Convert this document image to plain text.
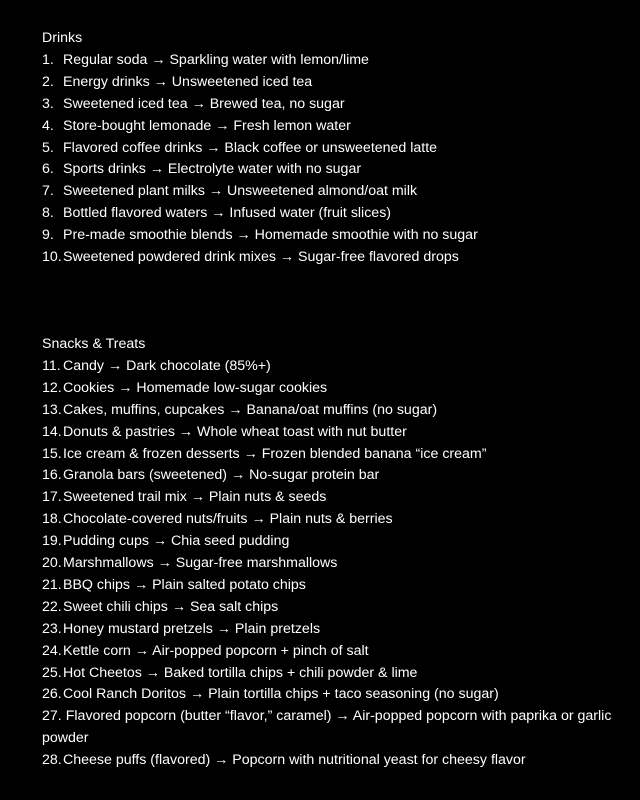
Drinks
1. Regular soda → Sparkling water with lemon/lime
2. Energy drinks → Unsweetened iced tea
3. Sweetened iced tea → Brewed tea, no sugar
4. Store-bought lemonade → Fresh lemon water
5. Flavored coffee drinks → Black coffee or unsweetened latte
6. Sports drinks → Electrolyte water with no sugar
7. Sweetened plant milks → Unsweetened almond/oat milk
8. Bottled flavored waters → Infused water (fruit slices)
9. Pre-made smoothie blends → Homemade smoothie with no sugar
10. Sweetened powdered drink mixes → Sugar-free flavored drops
Snacks & Treats
11. Candy → Dark chocolate (85%+)
12. Cookies → Homemade low-sugar cookies
13. Cakes, muffins, cupcakes → Banana/oat muffins (no sugar)
14. Donuts & pastries → Whole wheat toast with nut butter
15. Ice cream & frozen desserts → Frozen blended banana “ice cream”
16. Granola bars (sweetened) → No-sugar protein bar
17. Sweetened trail mix → Plain nuts & seeds
18. Chocolate-covered nuts/fruits → Plain nuts & berries
19. Pudding cups → Chia seed pudding
20. Marshmallows → Sugar-free marshmallows
21. BBQ chips → Plain salted potato chips
22. Sweet chili chips → Sea salt chips
23. Honey mustard pretzels → Plain pretzels
24. Kettle corn → Air-popped popcorn + pinch of salt
25. Hot Cheetos → Baked tortilla chips + chili powder & lime
26. Cool Ranch Doritos → Plain tortilla chips + taco seasoning (no sugar)
27. Flavored popcorn (butter “flavor,” caramel) → Air-popped popcorn with paprika or garlic powder
28. Cheese puffs (flavored) → Popcorn with nutritional yeast for cheesy flavor
